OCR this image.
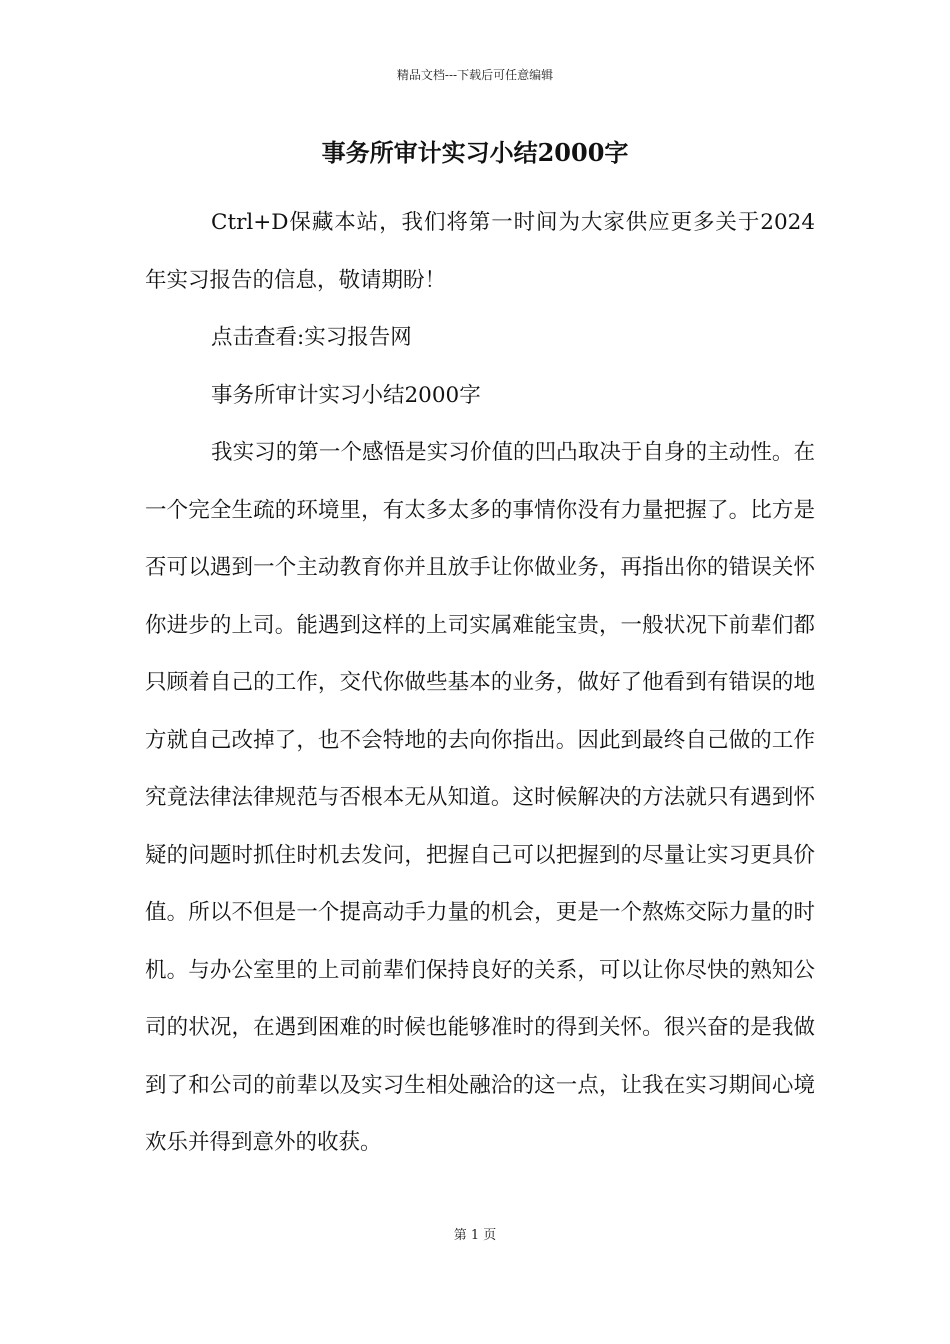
精品文档---下载后可任意编辑
事务所审计实习小结2000字

Ctrl+D保藏本站，我们将第一时间为大家供应更多关于2024年实习报告的信息，敬请期盼！

点击查看:实习报告网

事务所审计实习小结2000字

我实习的第一个感悟是实习价值的凹凸取决于自身的主动性。在一个完全生疏的环境里，有太多太多的事情你没有力量把握了。比方是否可以遇到一个主动教育你并且放手让你做业务，再指出你的错误关怀你进步的上司。能遇到这样的上司实属难能宝贵，一般状况下前辈们都只顾着自己的工作，交代你做些基本的业务，做好了他看到有错误的地方就自己改掉了，也不会特地的去向你指出。因此到最终自己做的工作究竟法律法律规范与否根本无从知道。这时候解决的方法就只有遇到怀疑的问题时抓住时机去发问，把握自己可以把握到的尽量让实习更具价值。所以不但是一个提高动手力量的机会，更是一个熬炼交际力量的时机。与办公室里的上司前辈们保持良好的关系，可以让你尽快的熟知公司的状况，在遇到困难的时候也能够准时的得到关怀。很兴奋的是我做到了和公司的前辈以及实习生相处融洽的这一点，让我在实习期间心境欢乐并得到意外的收获。

第 1 页
